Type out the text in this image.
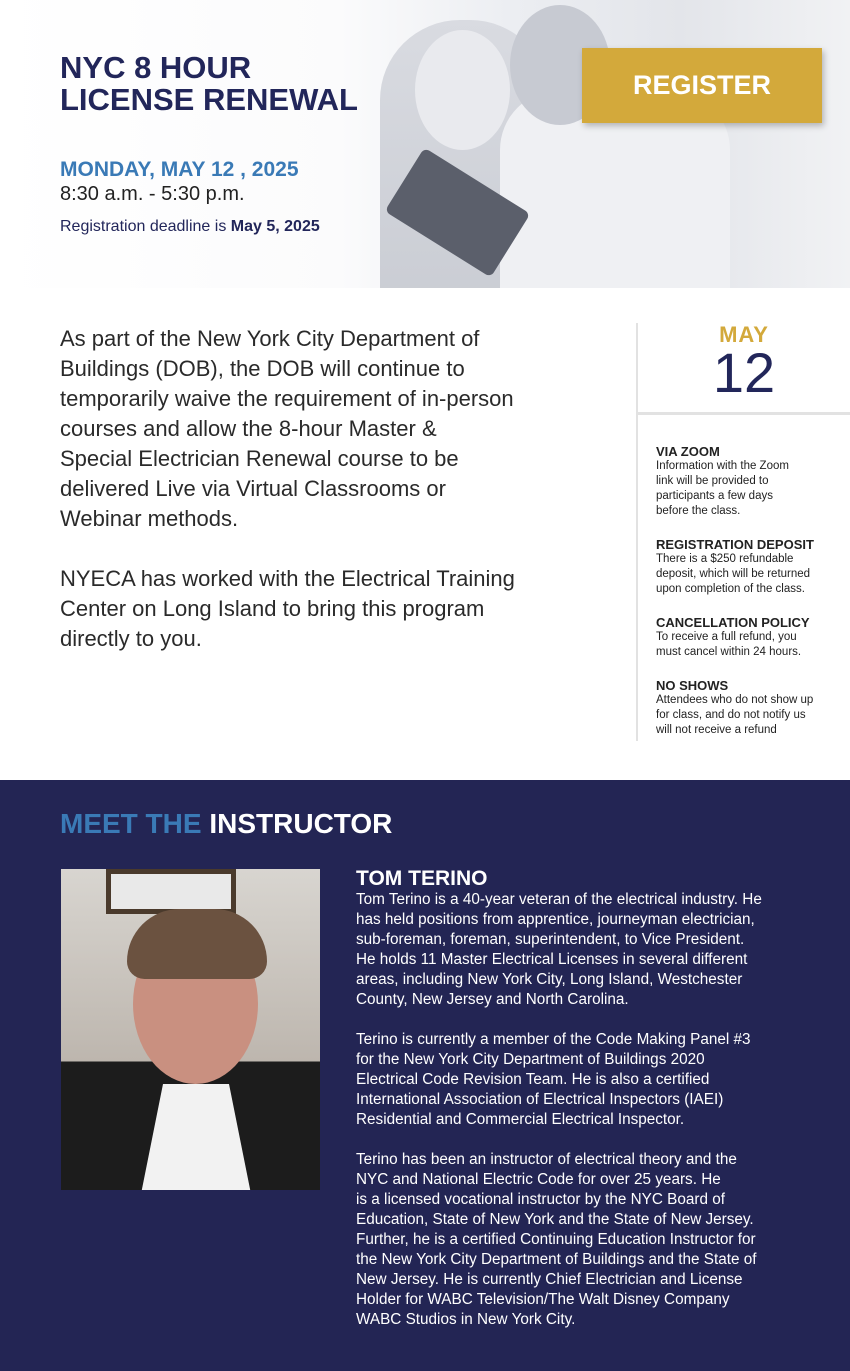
NYC 8 HOUR
LICENSE RENEWAL
MONDAY, MAY 12 , 2025
8:30 a.m. - 5:30 p.m.
Registration deadline is May 5, 2025
REGISTER

As part of the New York City Department of
Buildings (DOB), the DOB will continue to
temporarily waive the requirement of in-person
courses and allow the 8-hour Master &
Special Electrician Renewal course to be
delivered Live via Virtual Classrooms or
Webinar methods.

NYECA has worked with the Electrical Training
Center on Long Island to bring this program
directly to you.

MAY
12
VIA ZOOM

Information with the Zoom
link will be provided to
participants a few days
before the class.

REGISTRATION DEPOSIT

There is a $250 refundable
deposit, which will be returned
upon completion of the class.

CANCELLATION POLICY

To receive a full refund, you
must cancel within 24 hours.

NO SHOWS

Attendees who do not show up
for class, and do not notify us
will not receive a refund

MEET THE INSTRUCTOR
TOM TERINO

Tom Terino is a 40-year veteran of the electrical industry. He
has held positions from apprentice, journeyman electrician,
sub-foreman, foreman, superintendent, to Vice President.
He holds 11 Master Electrical Licenses in several different
areas, including New York City, Long Island, Westchester
County, New Jersey and North Carolina.

Terino is currently a member of the Code Making Panel #3
for the New York City Department of Buildings 2020
Electrical Code Revision Team. He is also a certified
International Association of Electrical Inspectors (IAEI)
Residential and Commercial Electrical Inspector.

Terino has been an instructor of electrical theory and the
NYC and National Electric Code for over 25 years. He
is a licensed vocational instructor by the NYC Board of
Education, State of New York and the State of New Jersey.
Further, he is a certified Continuing Education Instructor for
the New York City Department of Buildings and the State of
New Jersey. He is currently Chief Electrician and License
Holder for WABC Television/The Walt Disney Company
WABC Studios in New York City.
